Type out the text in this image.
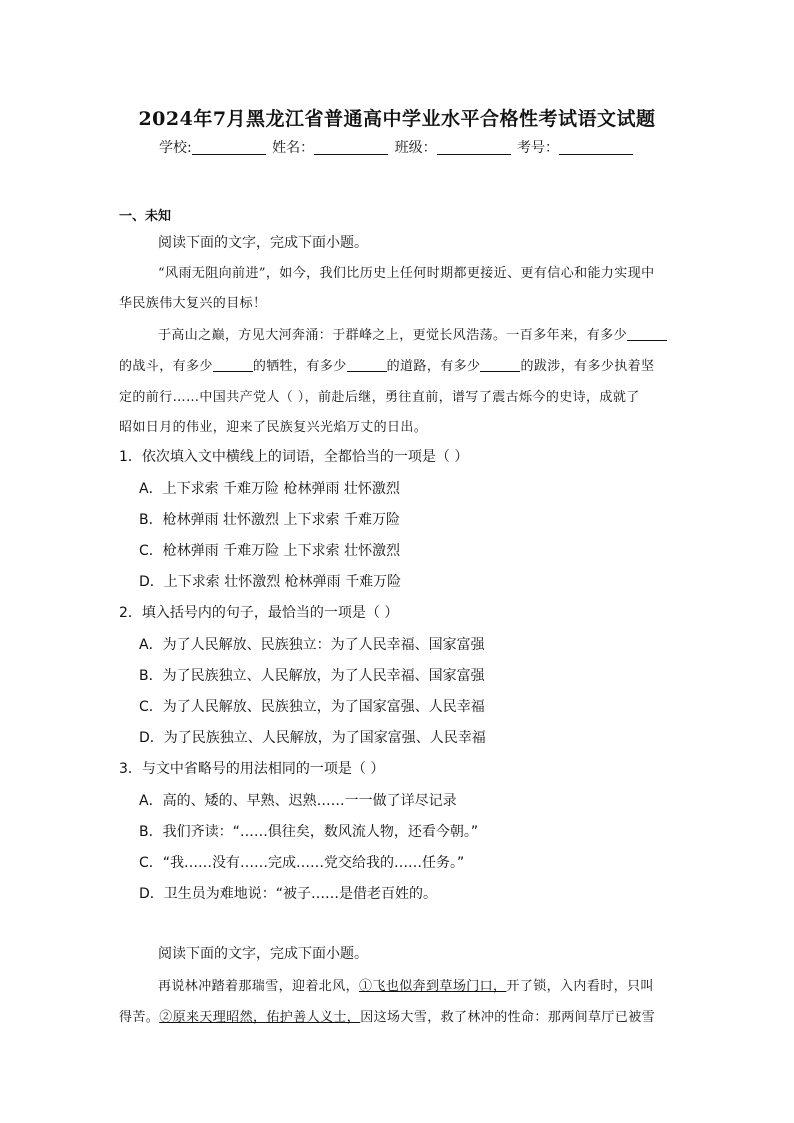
2024年7月黑龙江省普通高中学业水平合格性考试语文试题
学校:	姓名：	班级：	考号：
一、未知
阅读下面的文字，完成下面小题。
“风雨无阻向前进”，如今，我们比历史上任何时期都更接近、更有信心和能力实现中
华民族伟大复兴的目标！
于高山之巅，方见大河奔涌：于群峰之上，更觉长风浩荡。一百多年来，有多少
的战斗，有多少	的牺牲，有多少	的道路，有多少	的跋涉，有多少执着坚
定的前行……中国共产党人（ ），前赴后继，勇往直前，谱写了震古烁今的史诗，成就了
昭如日月的伟业，迎来了民族复兴光焰万丈的日出。
1．依次填入文中横线上的词语，全都恰当的一项是（ ）
A．上下求索 千难万险 枪林弹雨 壮怀激烈
B．枪林弹雨 壮怀激烈 上下求索 千难万险
C．枪林弹雨 千难万险 上下求索 壮怀激烈
D．上下求索 壮怀激烈 枪林弹雨 千难万险
2．填入括号内的句子，最恰当的一项是（ ）
A．为了人民解放、民族独立：为了人民幸福、国家富强
B．为了民族独立、人民解放，为了人民幸福、国家富强
C．为了人民解放、民族独立，为了国家富强、人民幸福
D．为了民族独立、人民解放，为了国家富强、人民幸福
3．与文中省略号的用法相同的一项是（ ）
A．高的、矮的、早熟、迟熟……一一做了详尽记录
B．我们齐读：“……俱往矣，数风流人物，还看今朝。”
C．“我……没有……完成……党交给我的……任务。”
D．卫生员为难地说：“被子……是借老百姓的。
阅读下面的文字，完成下面小题。
再说林冲踏着那瑞雪，迎着北风，①飞也似奔到草场门口，开了锁，入内看时，只叫
得苦。②原来天理昭然，佑护善人义士，因这场大雪，救了林冲的性命：那两间草厅已被雪
